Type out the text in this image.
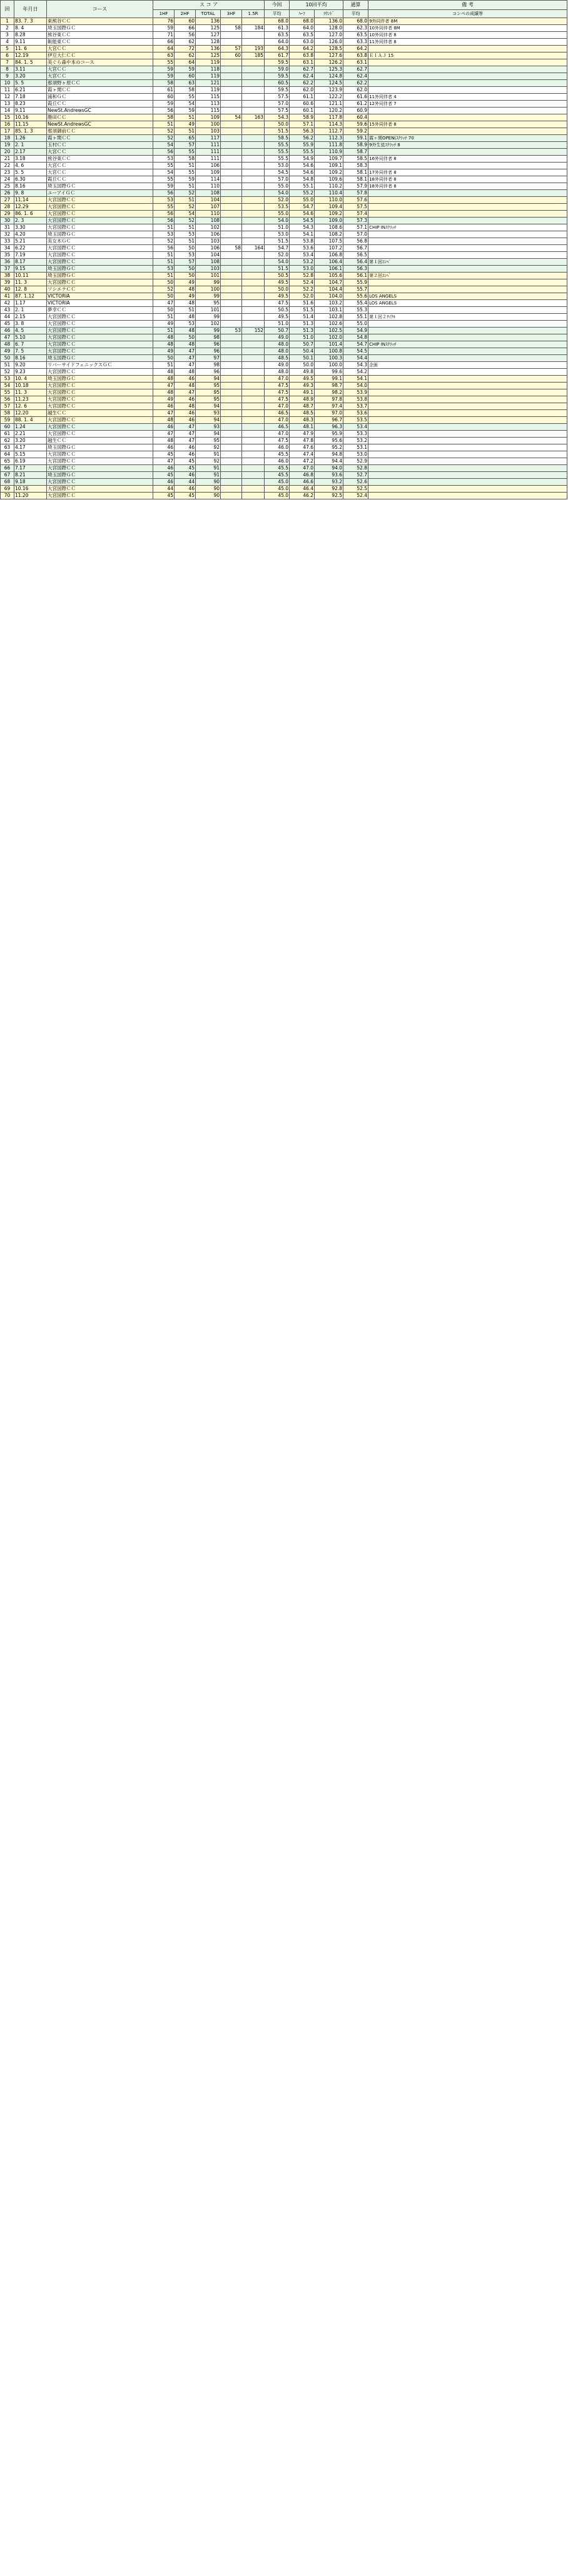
回	年月日	コース	ス コ ア					今回	10回平均		通算	備 考
			1HF	2HF	TOTAL	3HF	1.5R	平均	ﾊｰﾌ	ﾗｳﾝﾄﾞ	平均	コンペの成績等
1	83. 7. 3	東熊谷ＣＣ	76	60	136			68.0	68.0	136.0	68.0	9外同伴者 8M
2	8. 4	埼玉国際ＧＣ	59	66	125	58	184	61.3	64.0	128.0	62.3	10外同伴者 8M
3	8.28	熊谷東ＣＣ	71	56	127			63.5	63.5	127.0	63.5	10外同伴者 8
4	9.11	飯能東ＣＣ	66	62	128			64.0	63.0	126.0	63.3	11外同伴者 8
5	11. 6	大宮ＣＣ	64	72	136	57	193	64.3	64.2	128.5	64.2	
6	12.19	伊豆大仁ＣＣ	63	62	125	60	185	61.7	63.8	127.6	63.8	ＥＩＡＪ 15
7	84. 1. 5	美ぐら森や本のコース	55	64	119			59.5	63.1	126.2	63.1	
8	3.11	大宮ＣＣ	59	59	118			59.0	62.7	125.3	62.7	
9	3.20	大宮ＣＣ	59	60	119			59.5	62.4	124.8	62.4	
10	5. 5	那須野ヶ原ＣＣ	58	63	121			60.5	62.2	124.5	62.2	
11	6.21	霞ヶ関ＣＣ	61	58	119			59.5	62.0	123.9	62.0	
12	7.18	浦和ＧＣ	60	55	115			57.5	61.1	122.2	61.6	11外同伴者 4
13	8.23	霞丘ＣＣ	59	54	113			57.0	60.6	121.1	61.2	12外同伴者 7
14	9.11	NewSt.AndrewsGC	56	59	115			57.5	60.1	120.2	60.9	
15	10.16	勝田ＣＣ	58	51	109	54	163	54.3	58.9	117.8	60.4	
16	11.15	NewSt.AndrewsGC	51	49	100			50.0	57.1	114.3	59.6	15外同伴者 8
17	85. 1. 3	那須御前ＣＣ	52	51	103			51.5	56.3	112.7	59.2	
18	1.26	霞ヶ関ＣＣ	52	65	117			58.5	56.2	112.3	59.1	霞ヶ関OPEN(ｽｸﾗｯﾁ 70
19	2. 1	玉村ＣＣ	54	57	111			55.5	55.9	111.8	58.9	9外生徒ｽｸﾗｯﾁ 8
20	2.17	大宮ＣＣ	56	55	111			55.5	55.5	110.9	58.7	
21	3.18	熊谷東ＣＣ	53	58	111			55.5	54.9	109.7	58.5	16外同伴者 8
22	4. 6	大宮ＣＣ	55	51	106			53.0	54.6	109.1	58.3	
23	5. 5	大宮ＣＣ	54	55	109			54.5	54.6	109.2	58.1	17外同伴者 8
24	6.30	霞丘ＣＣ	55	59	114			57.0	54.8	109.6	58.1	18外同伴者 8
25	8.16	埼玉国際ＧＣ	59	51	110			55.0	55.1	110.2	57.9	18外同伴者 8
26	9. 8	ユーアイＧＣ	56	52	108			54.0	55.2	110.4	57.8	
27	11.14	大宮国際ＣＣ	53	51	104			52.0	55.0	110.0	57.6	
28	12.29	大宮国際ＣＣ	55	52	107			53.5	54.7	109.4	57.5	
29	86. 1. 6	大宮国際ＣＣ	56	54	110			55.0	54.6	109.2	57.4	
30	2. 3	大宮国際ＣＣ	56	52	108			54.0	54.5	109.0	57.3	
31	3.30	大宮国際ＣＣ	51	51	102			51.0	54.3	108.6	57.1	CHIP INｽｸﾗｯﾁ
32	4.20	埼玉国際ＧＣ	53	53	106			53.0	54.1	108.2	57.0	
33	5.21	美女木ＧＣ	52	51	103			51.5	53.8	107.5	56.8	
34	6.22	大宮国際ＣＣ	56	50	106	58	164	54.7	53.6	107.2	56.7	
35	7.19	大宮国際ＣＣ	51	53	104			52.0	53.4	106.8	56.5	
36	8.17	大宮国際ＣＣ	51	57	108			54.0	53.2	106.4	56.4	第１回ｺﾝﾍﾟ
37	9.15	埼玉国際ＧＣ	53	50	103			51.5	53.0	106.1	56.3	
38	10.11	埼玉国際ＧＣ	51	50	101			50.5	52.8	105.6	56.1	第２回ｺﾝﾍﾟ
39	11. 3	大宮国際ＣＣ	50	49	99			49.5	52.4	104.7	55.9	
40	12. 8	ソシエテＣＣ	52	48	100			50.0	52.2	104.4	55.7	
41	87. 1.12	VICTORIA	50	49	99			49.5	52.0	104.0	55.6	LOS ANGELS
42	1.17	VICTORIA	47	48	95			47.5	51.6	103.2	55.4	LOS ANGELS
43	2. 1	夢幸ＣＣ	50	51	101			50.5	51.5	103.1	55.3	
44	2.15	大宮国際ＣＣ	51	48	99			49.5	51.4	102.8	55.1	第１回２ｻｲｸﾙ
45	3. 8	大宮国際ＣＣ	49	53	102			51.0	51.3	102.6	55.0	
46	4. 5	大宮国際ＣＣ	51	48	99	53	152	50.7	51.3	102.5	54.9	
47	5.10	大宮国際ＣＣ	48	50	98			49.0	51.0	102.0	54.8	
48	6. 7	大宮国際ＣＣ	48	48	96			48.0	50.7	101.4	54.7	CHIP INｽｸﾗｯﾁ
49	7. 5	大宮国際ＣＣ	49	47	96			48.0	50.4	100.8	54.5	
50	8.16	埼玉国際ＧＣ	50	47	97			48.5	50.1	100.3	54.4	
51	9.20	リバーサイドフェニックスＧＣ	51	47	98			49.0	50.0	100.0	54.3	企画
52	9.23	大宮国際ＣＣ	48	48	96			48.0	49.8	99.6	54.2	
53	10. 4	埼玉国際ＧＣ	48	46	94			47.0	49.5	99.1	54.1	
54	10.18	大宮国際ＣＣ	47	48	95			47.5	49.3	98.7	54.0	
55	11. 3	大宮国際ＣＣ	48	47	95			47.5	49.1	98.2	53.9	
56	11.23	大宮国際ＣＣ	49	46	95			47.5	48.9	97.8	53.8	
57	12. 6	大宮国際ＣＣ	46	48	94			47.0	48.7	97.4	53.7	
58	12.20	越生ＣＣ	47	46	93			46.5	48.5	97.0	53.6	
59	88. 1. 4	大宮国際ＣＣ	48	46	94			47.0	48.3	96.7	53.5	
60	1.24	大宮国際ＣＣ	46	47	93			46.5	48.1	96.3	53.4	
61	2.21	大宮国際ＣＣ	47	47	94			47.0	47.9	95.9	53.3	
62	3.20	越生ＣＣ	48	47	95			47.5	47.8	95.6	53.2	
63	4.17	埼玉国際ＧＣ	46	46	92			46.0	47.6	95.2	53.1	
64	5.15	大宮国際ＣＣ	45	46	91			45.5	47.4	94.8	53.0	
65	6.19	大宮国際ＣＣ	47	45	92			46.0	47.2	94.4	52.9	
66	7.17	大宮国際ＣＣ	46	45	91			45.5	47.0	94.0	52.8	
67	8.21	埼玉国際ＧＣ	45	46	91			45.5	46.8	93.6	52.7	
68	9.18	大宮国際ＣＣ	46	44	90			45.0	46.6	93.2	52.6	
69	10.16	大宮国際ＣＣ	44	46	90			45.0	46.4	92.8	52.5	
70	11.20	大宮国際ＣＣ	45	45	90			45.0	46.2	92.5	52.4	
